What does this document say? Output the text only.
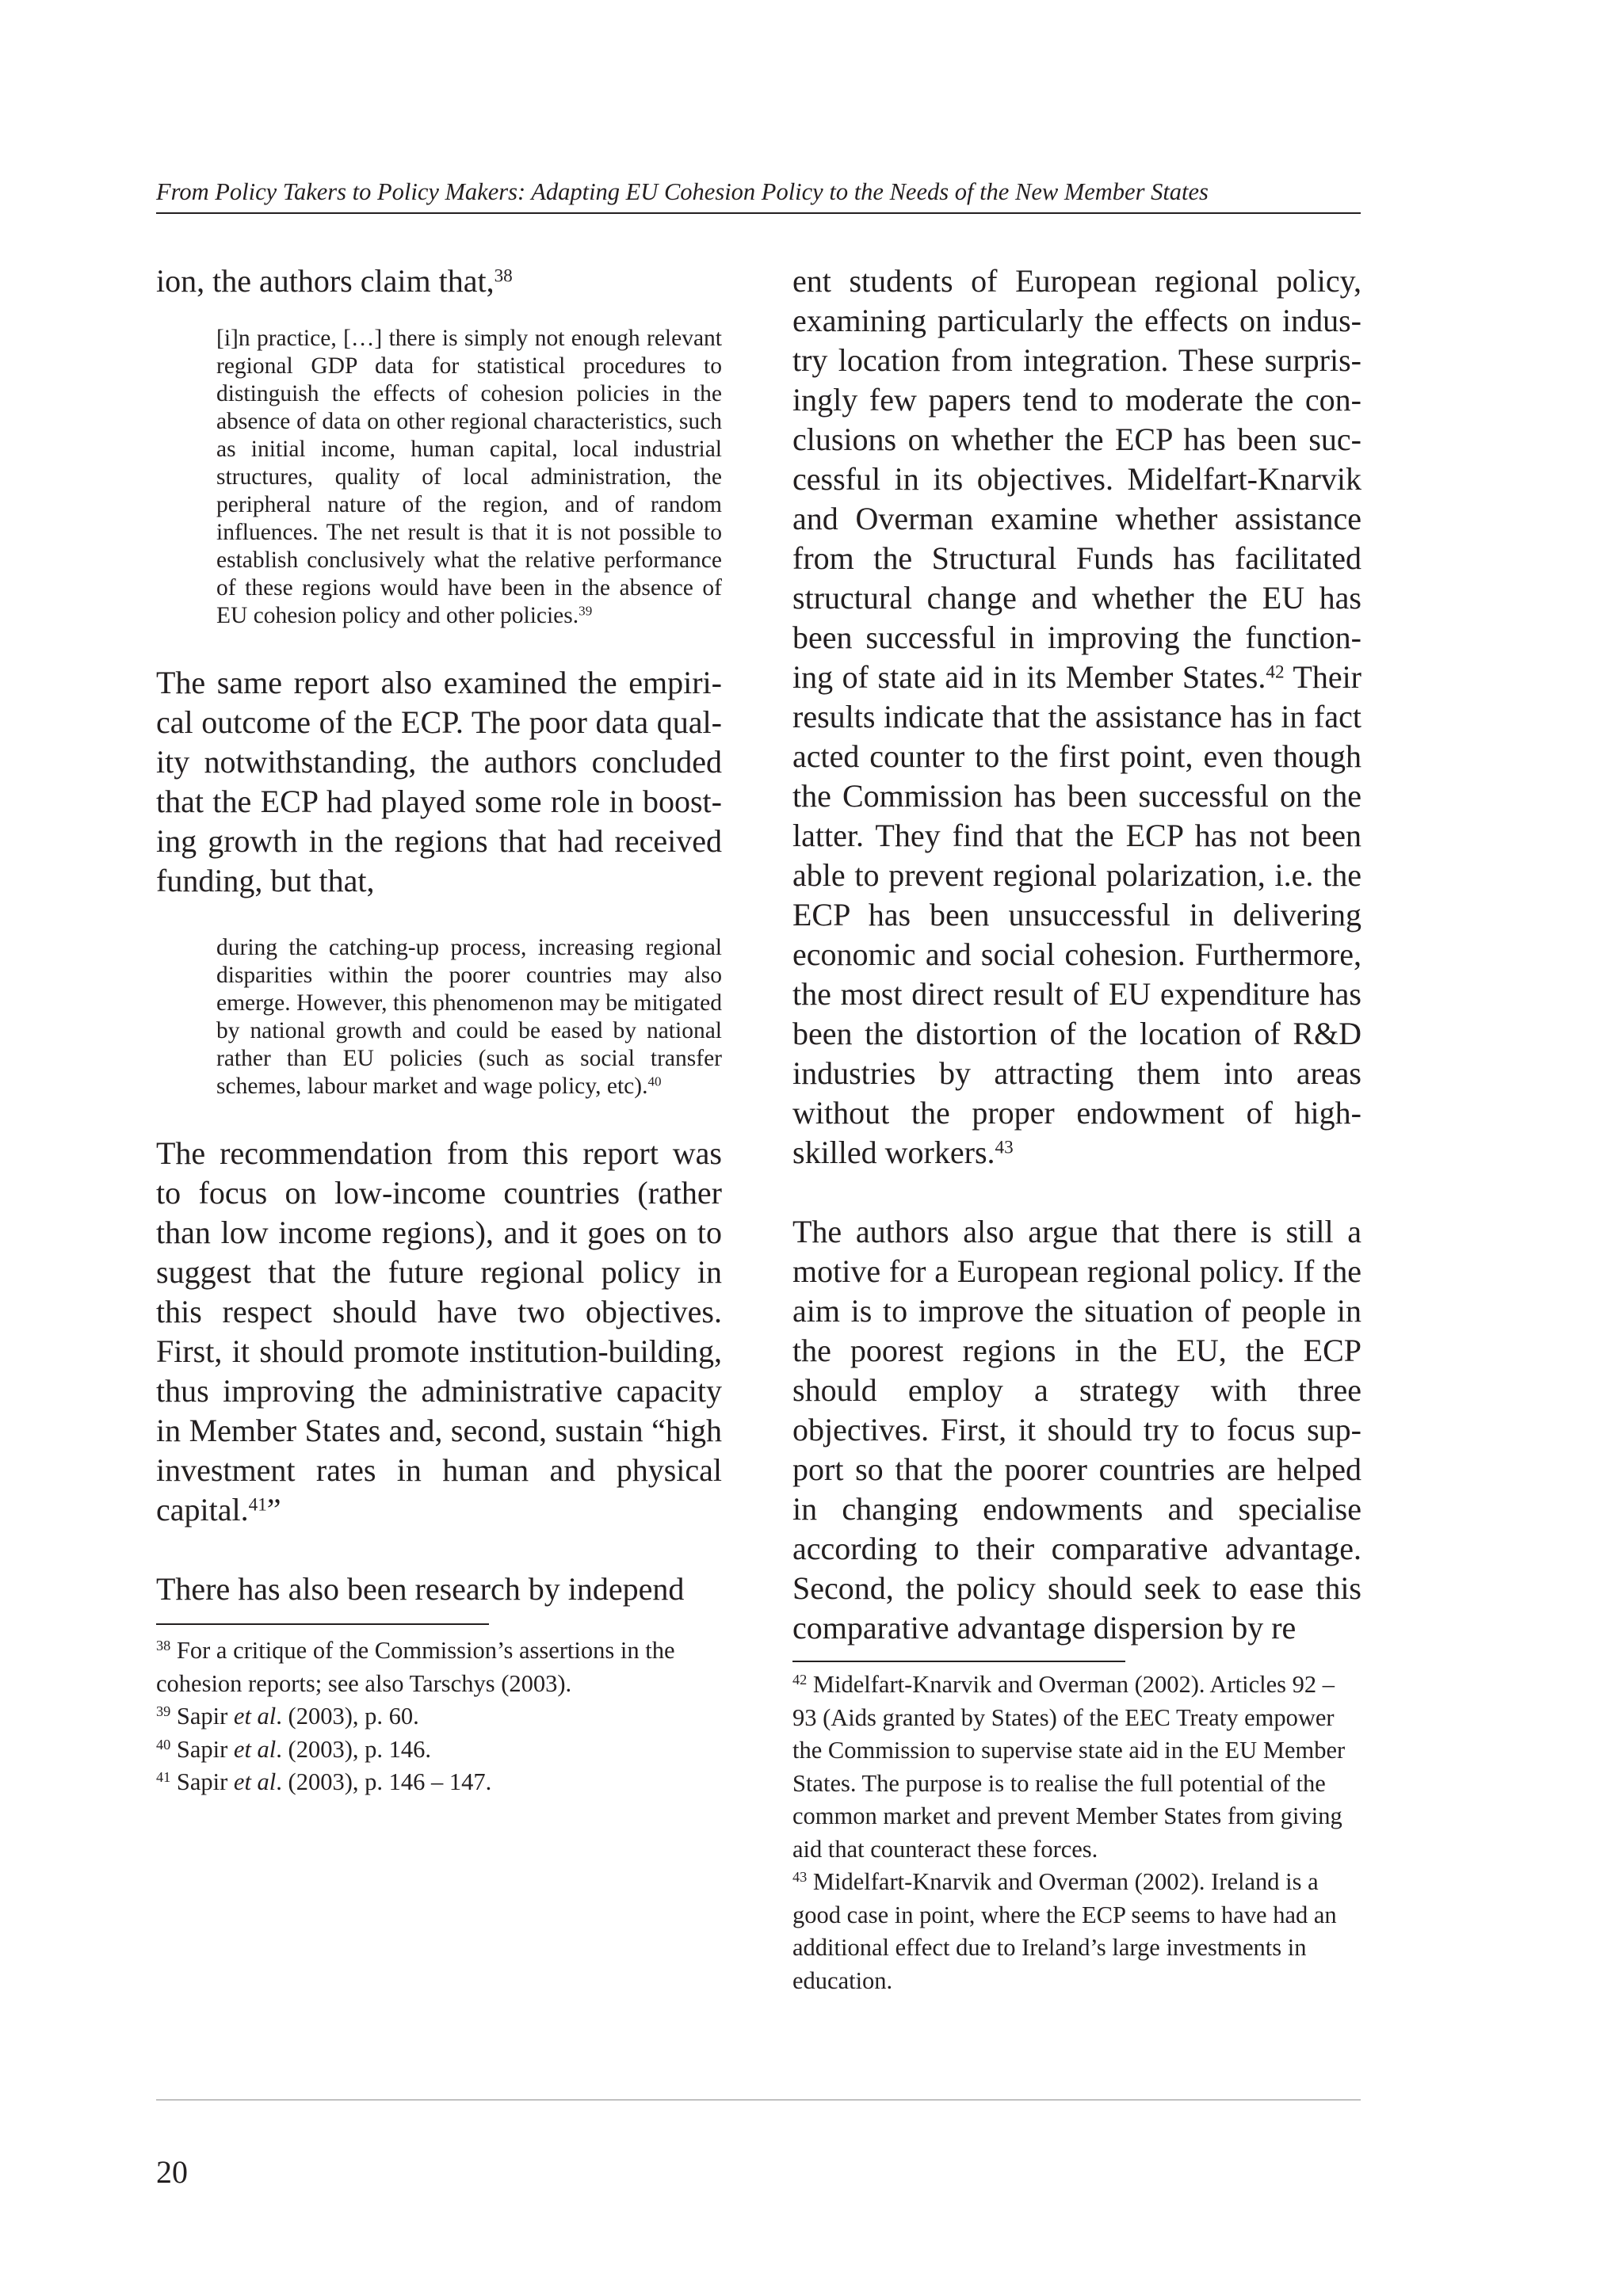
From Policy Takers to Policy Makers: Adapting EU Cohesion Policy to the Needs of the New Member States

ion, the authors claim that,$^{38}$

[i]n practice, […] there is simply not enough relevant regional GDP data for statistical procedures to distinguish the effects of cohesion policies in the absence of data on other regional characteristics, such as initial income, human capital, local industrial structures, quality of local administration, the peripheral nature of the region, and of random influences. The net result is that it is not possible to establish conclusively what the relative performance of these regions would have been in the absence of EU cohesion policy and other policies.$^{39}$

The same report also examined the empirical outcome of the ECP. The poor data quality notwithstanding, the authors concluded that the ECP had played some role in boosting growth in the regions that had received funding, but that,

during the catching-up process, increasing regional disparities within the poorer countries may also emerge. However, this phenomenon may be mitigated by national growth and could be eased by national rather than EU policies (such as social transfer schemes, labour market and wage policy, etc).$^{40}$

The recommendation from this report was to focus on low-income countries (rather than low income regions), and it goes on to suggest that the future regional policy in this respect should have two objectives. First, it should promote institution-building, thus improving the administrative capacity in Member States and, second, sustain “high investment rates in human and physical capital.$^{41}$”

There has also been research by independ

$^{38}$ For a critique of the Commission’s assertions in the cohesion reports; see also Tarschys (2003).

$^{39}$ Sapir et al. (2003), p. 60.

$^{40}$ Sapir et al. (2003), p. 146.

$^{41}$ Sapir et al. (2003), p. 146 – 147.

ent students of European regional policy, examining particularly the effects on industry location from integration. These surprisingly few papers tend to moderate the conclusions on whether the ECP has been successful in its objectives. Midelfart-Knarvik and Overman examine whether assistance from the Structural Funds has facilitated structural change and whether the EU has been successful in improving the functioning of state aid in its Member States.$^{42}$ Their results indicate that the assistance has in fact acted counter to the first point, even though the Commission has been successful on the latter. They find that the ECP has not been able to prevent regional polarization, i.e. the ECP has been unsuccessful in delivering economic and social cohesion. Furthermore, the most direct result of EU expenditure has been the distortion of the location of R&D industries by attracting them into areas without the proper endowment of high-skilled workers.$^{43}$

The authors also argue that there is still a motive for a European regional policy. If the aim is to improve the situation of people in the poorest regions in the EU, the ECP should employ a strategy with three objectives. First, it should try to focus support so that the poorer countries are helped in changing endowments and specialise according to their comparative advantage. Second, the policy should seek to ease this comparative advantage dispersion by re

$^{42}$ Midelfart-Knarvik and Overman (2002). Articles 92 – 93 (Aids granted by States) of the EEC Treaty empower the Commission to supervise state aid in the EU Member States. The purpose is to realise the full potential of the common market and prevent Member States from giving aid that counteract these forces.

$^{43}$ Midelfart-Knarvik and Overman (2002). Ireland is a good case in point, where the ECP seems to have had an additional effect due to Ireland’s large investments in education.

20
